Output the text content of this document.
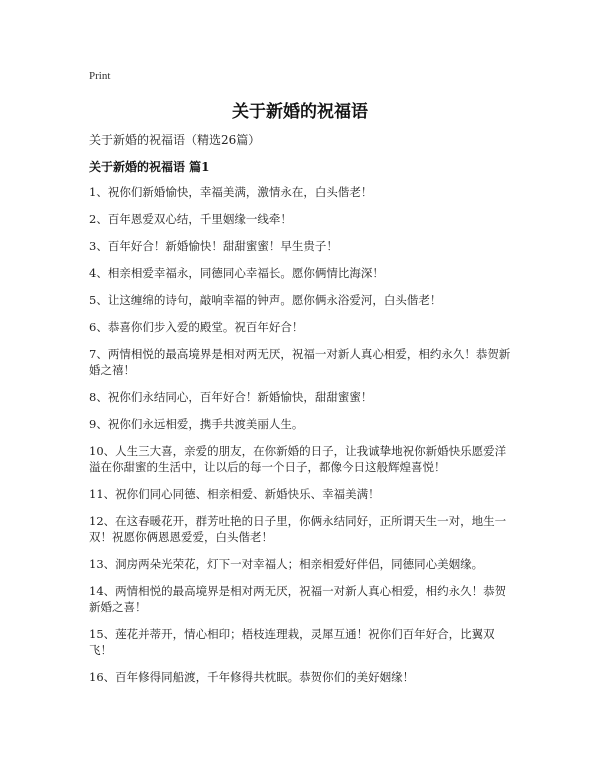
Print
关于新婚的祝福语
关于新婚的祝福语（精选26篇）
关于新婚的祝福语 篇1

1、祝你们新婚愉快，幸福美满，激情永在，白头偕老！

2、百年恩爱双心结，千里姻缘一线牵！

3、百年好合！新婚愉快！甜甜蜜蜜！早生贵子！

4、相亲相爱幸福永，同德同心幸福长。愿你俩情比海深！

5、让这缠绵的诗句，敲响幸福的钟声。愿你俩永浴爱河，白头偕老！

6、恭喜你们步入爱的殿堂。祝百年好合！

7、两情相悦的最高境界是相对两无厌，祝福一对新人真心相爱，相约永久！恭贺新婚之禧！

8、祝你们永结同心，百年好合！新婚愉快，甜甜蜜蜜！

9、祝你们永远相爱，携手共渡美丽人生。

10、人生三大喜，亲爱的朋友，在你新婚的日子，让我诚挚地祝你新婚快乐愿爱洋溢在你甜蜜的生活中，让以后的每一个日子，都像今日这般辉煌喜悦！

11、祝你们同心同德、相亲相爱、新婚快乐、幸福美满！

12、在这春暖花开，群芳吐艳的日子里，你俩永结同好，正所谓天生一对，地生一双！祝愿你俩恩恩爱爱，白头偕老！

13、洞房两朵光荣花，灯下一对幸福人；相亲相爱好伴侣，同德同心美姻缘。

14、两情相悦的最高境界是相对两无厌，祝福一对新人真心相爱，相约永久！恭贺新婚之喜！

15、莲花并蒂开，情心相印；梧枝连理栽，灵犀互通！祝你们百年好合，比翼双飞！

16、百年修得同船渡，千年修得共枕眠。恭贺你们的美好姻缘！
